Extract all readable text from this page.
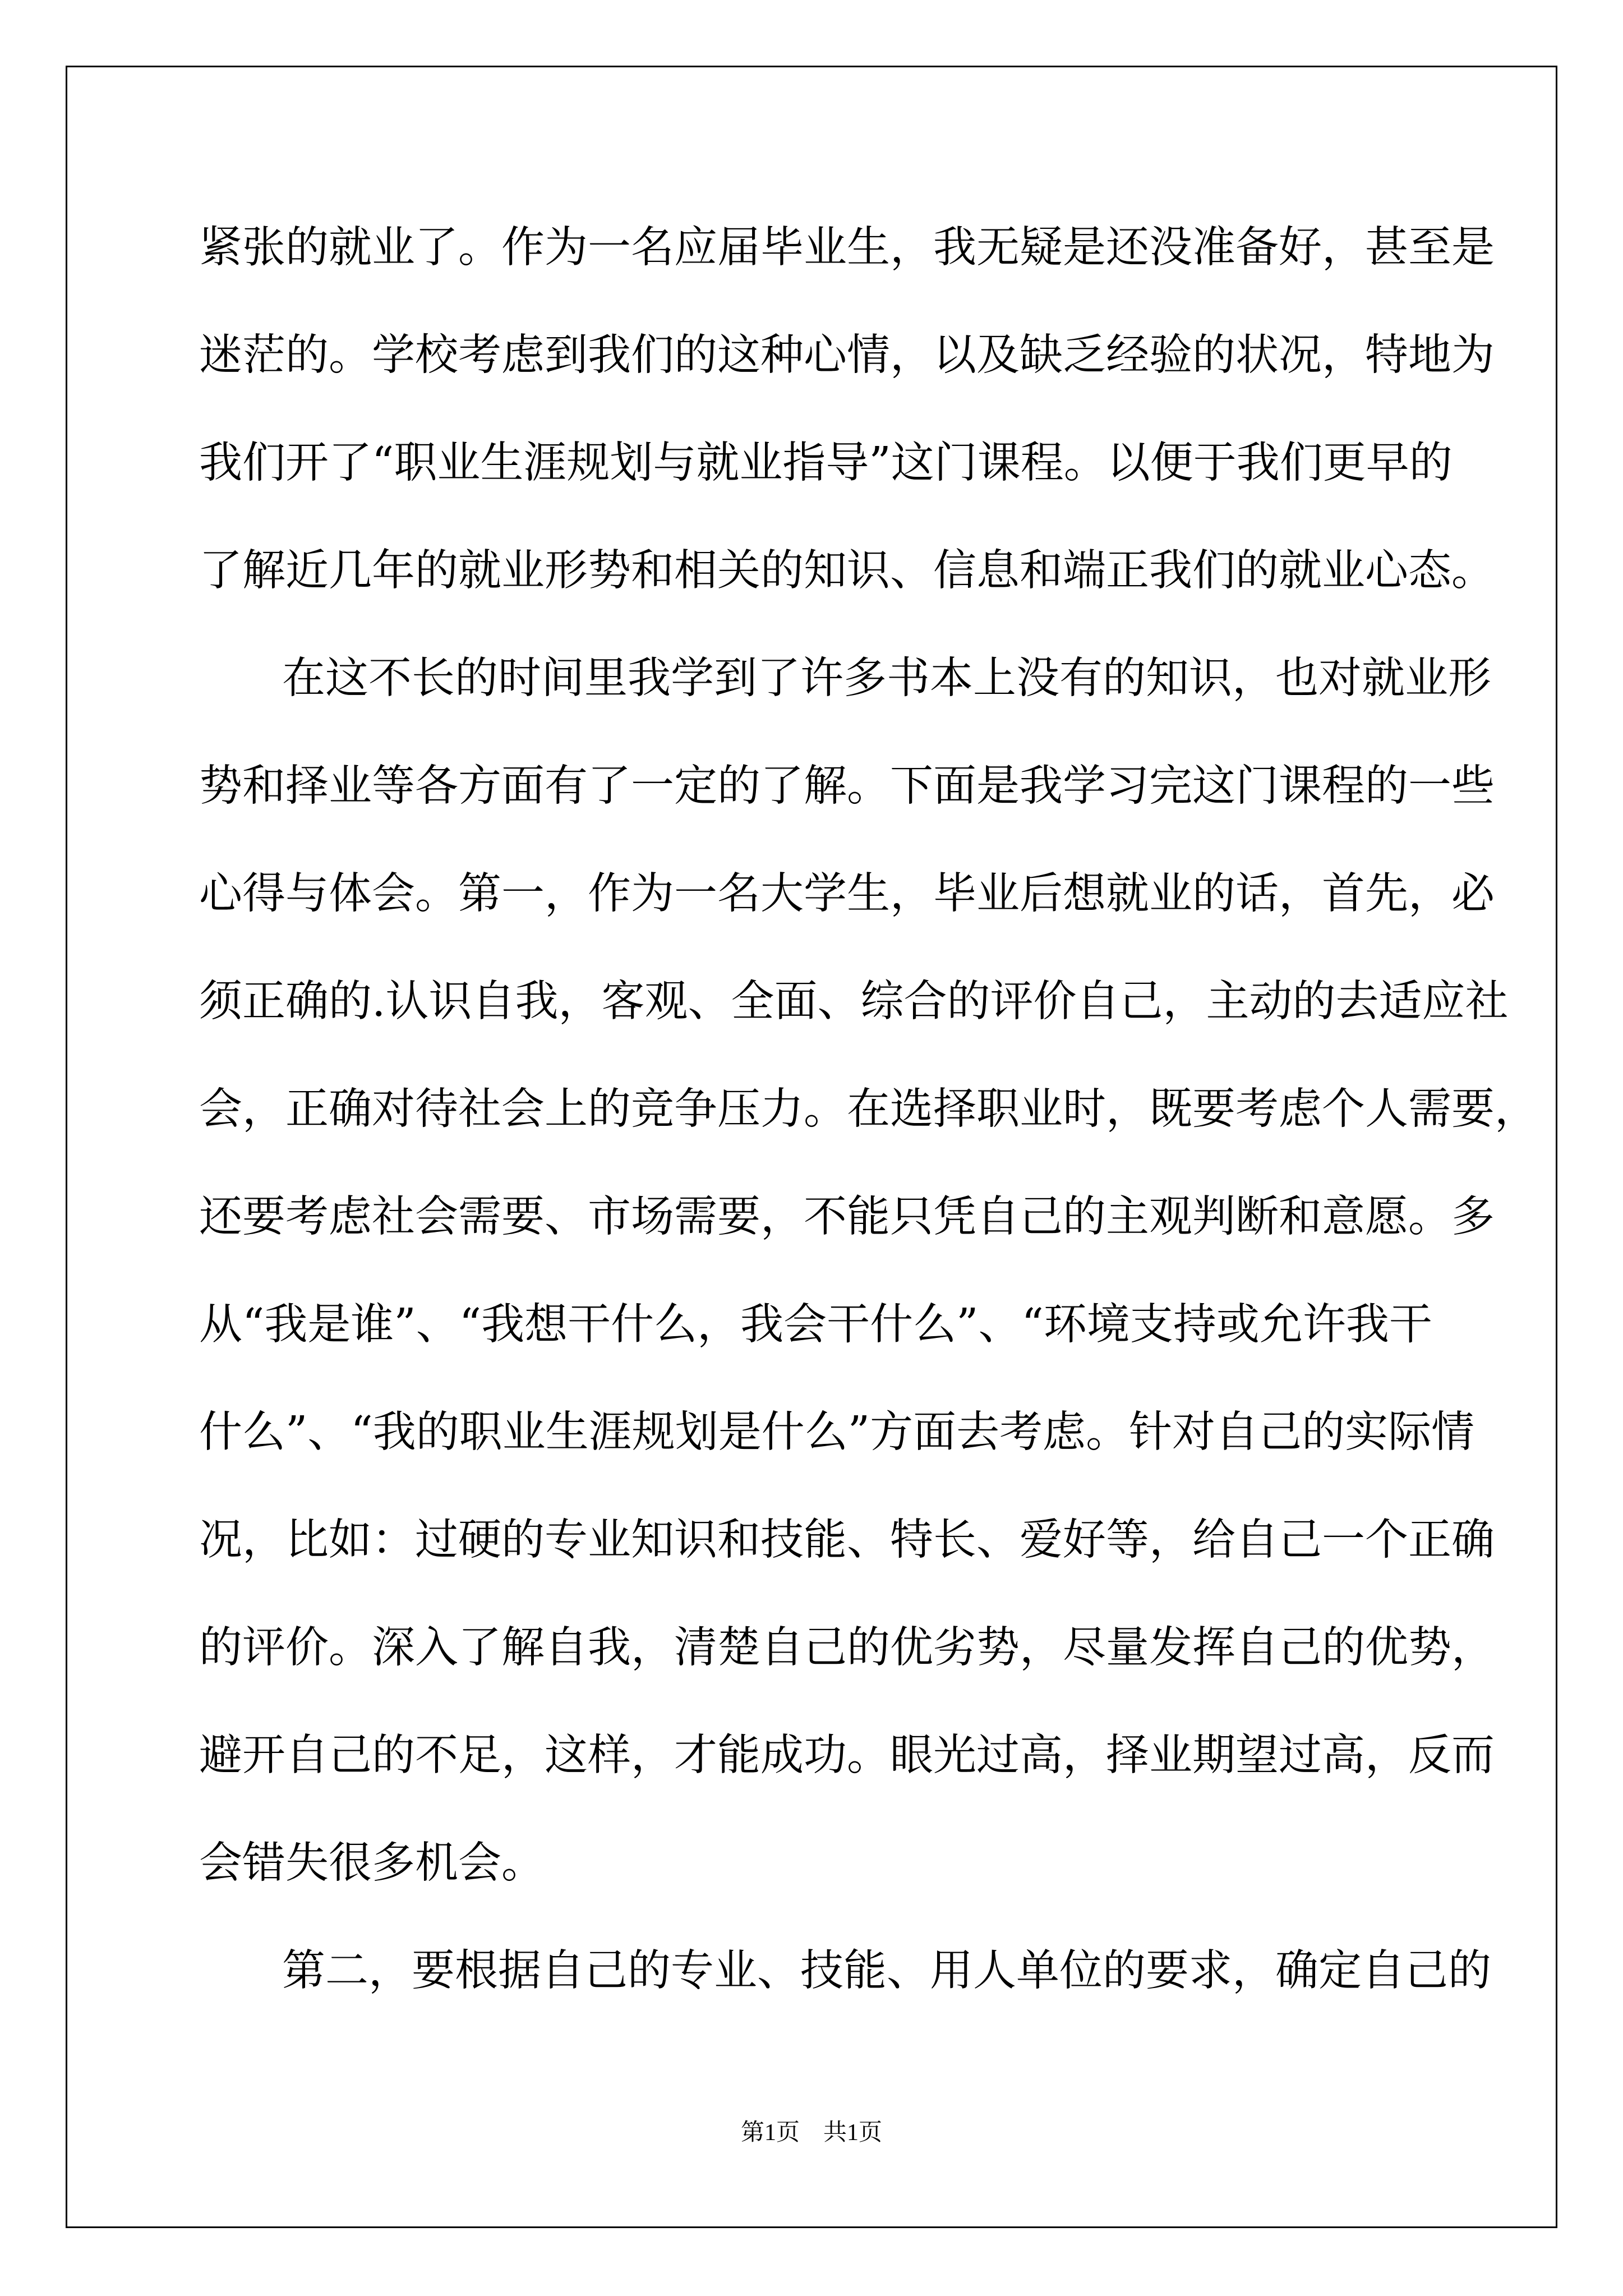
紧张的就业了。作为一名应届毕业生，我无疑是还没准备好，甚至是
迷茫的。学校考虑到我们的这种心情，以及缺乏经验的状况，特地为
我们开了“职业生涯规划与就业指导”这门课程。以便于我们更早的
了解近几年的就业形势和相关的知识、信息和端正我们的就业心态。
在这不长的时间里我学到了许多书本上没有的知识，也对就业形
势和择业等各方面有了一定的了解。下面是我学习完这门课程的一些
心得与体会。第一，作为一名大学生，毕业后想就业的话，首先，必
须正确的.认识自我，客观、全面、综合的评价自己，主动的去适应社
会，正确对待社会上的竞争压力。在选择职业时，既要考虑个人需要，
还要考虑社会需要、市场需要，不能只凭自己的主观判断和意愿。多
从“我是谁”、“我想干什么，我会干什么”、“环境支持或允许我干
什么”、“我的职业生涯规划是什么”方面去考虑。针对自己的实际情
况，比如：过硬的专业知识和技能、特长、爱好等，给自己一个正确
的评价。深入了解自我，清楚自己的优劣势，尽量发挥自己的优势，
避开自己的不足，这样，才能成功。眼光过高，择业期望过高，反而
会错失很多机会。
第二，要根据自己的专业、技能、用人单位的要求，确定自己的
第1页　共1页
